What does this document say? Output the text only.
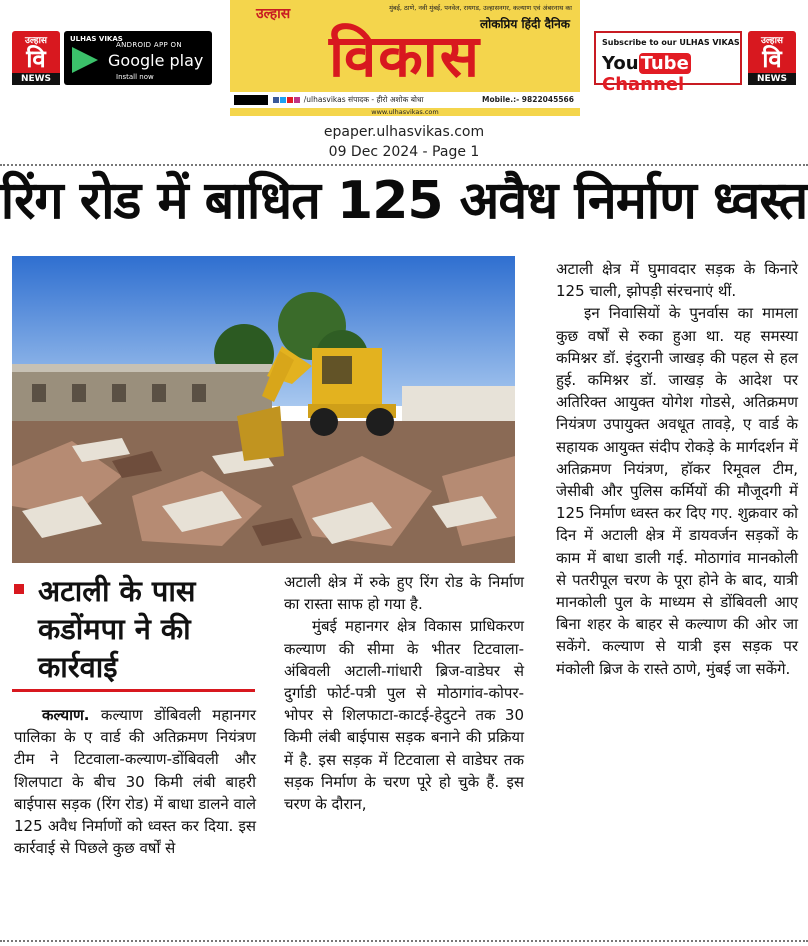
उल्हास
वि
NEWS
ULHAS VIKAS
ANDROID APP ON
Google play
Install now
उल्हास	मुंबई, ठाणे, नवी मुंबई, पनवेल, रायगड, उल्हासनगर, कल्याण एवं अंबरनाथ का
लोकप्रिय हिंदी दैनिक
विकास
/ulhasvikas संपादक - हीरो अशोक बोधा	Mobile.:- 9822045566
www.ulhasvikas.com
Subscribe to our ULHAS VIKAS
You Tube Channel
उल्हास
वि
NEWS
epaper.ulhasvikas.com
09 Dec 2024 - Page 1
रिंग रोड में बाधित 125 अवैध निर्माण ध्वस्त
अटाली के पास कडोंमपा ने की कार्रवाई

कल्याण. कल्याण डोंबिवली महानगर पालिका के ए वार्ड की अतिक्रमण नियंत्रण टीम ने टिटवाला-कल्याण-डोंबिवली और शिलपाटा के बीच 30 किमी लंबी बाहरी बाईपास सड़क (रिंग रोड) में बाधा डालने वाले 125 अवैध निर्माणों को ध्वस्त कर दिया. इस कार्रवाई से पिछले कुछ वर्षों से

अटाली क्षेत्र में रुके हुए रिंग रोड के निर्माण का रास्ता साफ हो गया है.

मुंबई महानगर क्षेत्र विकास प्राधिकरण कल्याण की सीमा के भीतर टिटवाला-अंबिवली अटाली-गांधारी ब्रिज-वाडेघर से दुर्गाडी फोर्ट-पत्री पुल से मोठागांव-कोपर-भोपर से शिलफाटा-काटई-हेदुटने तक 30 किमी लंबी बाईपास सड़क बनाने की प्रक्रिया में है. इस सड़क में टिटवाला से वाडेघर तक सड़क निर्माण के चरण पूरे हो चुके हैं. इस चरण के दौरान,

अटाली क्षेत्र में घुमावदार सड़क के किनारे 125 चाली, झोपड़ी संरचनाएं थीं.

इन निवासियों के पुनर्वास का मामला कुछ वर्षों से रुका हुआ था. यह समस्या कमिश्नर डॉ. इंदुरानी जाखड़ की पहल से हल हुई. कमिश्नर डॉ. जाखड़ के आदेश पर अतिरिक्त आयुक्त योगेश गोडसे, अतिक्रमण नियंत्रण उपायुक्त अवधूत तावड़े, ए वार्ड के सहायक आयुक्त संदीप रोकड़े के मार्गदर्शन में अतिक्रमण नियंत्रण, हॉकर रिमूवल टीम, जेसीबी और पुलिस कर्मियों की मौजूदगी में 125 निर्माण ध्वस्त कर दिए गए. शुक्रवार को दिन में अटाली क्षेत्र में डायवर्जन सड़कों के काम में बाधा डाली गई. मोठागांव मानकोली से पतरीपूल चरण के पूरा होने के बाद, यात्री मानकोली पुल के माध्यम से डोंबिवली आए बिना शहर के बाहर से कल्याण की ओर जा सकेंगे. कल्याण से यात्री इस सड़क पर मंकोली ब्रिज के रास्ते ठाणे, मुंबई जा सकेंगे.
